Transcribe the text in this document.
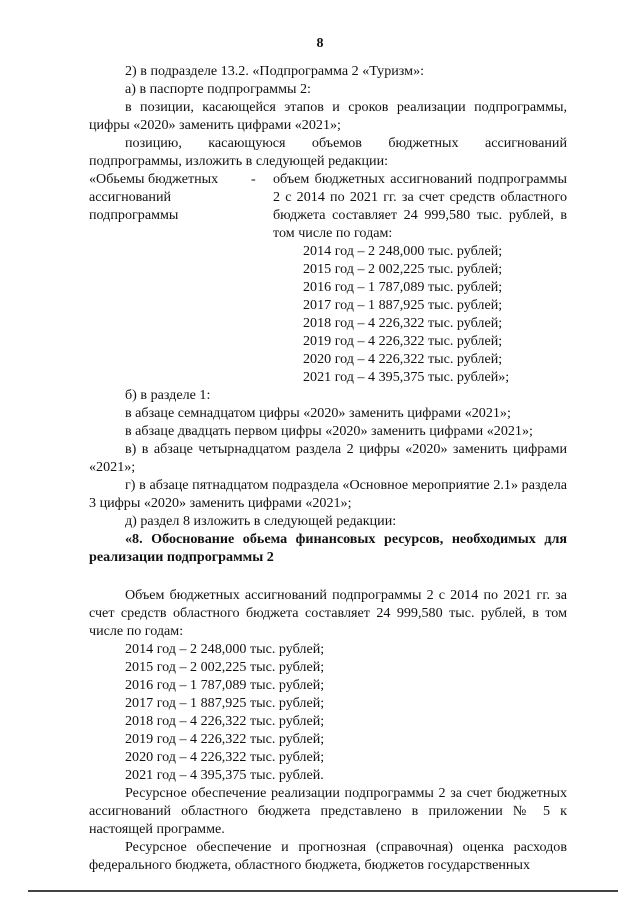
8

2) в подразделе 13.2. «Подпрограмма 2 «Туризм»:

а) в паспорте подпрограммы 2:

в позиции, касающейся этапов и сроков реализации подпрограммы, цифры «2020» заменить цифрами «2021»;

позицию, касающуюся объемов бюджетных ассигнований подпрограммы, изложить в следующей редакции:

«Обьемы бюджетных ассигнований подпрограммы
-	объем бюджетных ассигнований подпрограммы 2 с 2014 по 2021 гг. за счет средств областного бюджета составляет 24 999,580 тыс. рублей, в том числе по годам:
2014 год – 2 248,000 тыс. рублей;
2015 год – 2 002,225 тыс. рублей;
2016 год – 1 787,089 тыс. рублей;
2017 год – 1 887,925 тыс. рублей;
2018 год – 4 226,322 тыс. рублей;
2019 год – 4 226,322 тыс. рублей;
2020 год – 4 226,322 тыс. рублей;
2021 год – 4 395,375 тыс. рублей»;

б) в разделе 1:

в абзаце семнадцатом цифры «2020» заменить цифрами «2021»;

в абзаце двадцать первом цифры «2020» заменить цифрами «2021»;

в) в абзаце четырнадцатом раздела 2 цифры «2020» заменить цифрами «2021»;

г) в абзаце пятнадцатом подраздела «Основное мероприятие 2.1» раздела 3 цифры «2020» заменить цифрами «2021»;

д) раздел 8 изложить в следующей редакции:

«8. Обоснование обьема финансовых ресурсов, необходимых для реализации подпрограммы 2

Объем бюджетных ассигнований подпрограммы 2 с 2014 по 2021 гг. за счет средств областного бюджета составляет 24 999,580 тыс. рублей, в том числе по годам:

2014 год – 2 248,000 тыс. рублей;
2015 год – 2 002,225 тыс. рублей;
2016 год – 1 787,089 тыс. рублей;
2017 год – 1 887,925 тыс. рублей;
2018 год – 4 226,322 тыс. рублей;
2019 год – 4 226,322 тыс. рублей;
2020 год – 4 226,322 тыс. рублей;
2021 год – 4 395,375 тыс. рублей.

Ресурсное обеспечение реализации подпрограммы 2 за счет бюджетных ассигнований областного бюджета представлено в приложении № 5 к настоящей программе.

Ресурсное обеспечение и прогнозная (справочная) оценка расходов федерального бюджета, областного бюджета, бюджетов государственных
